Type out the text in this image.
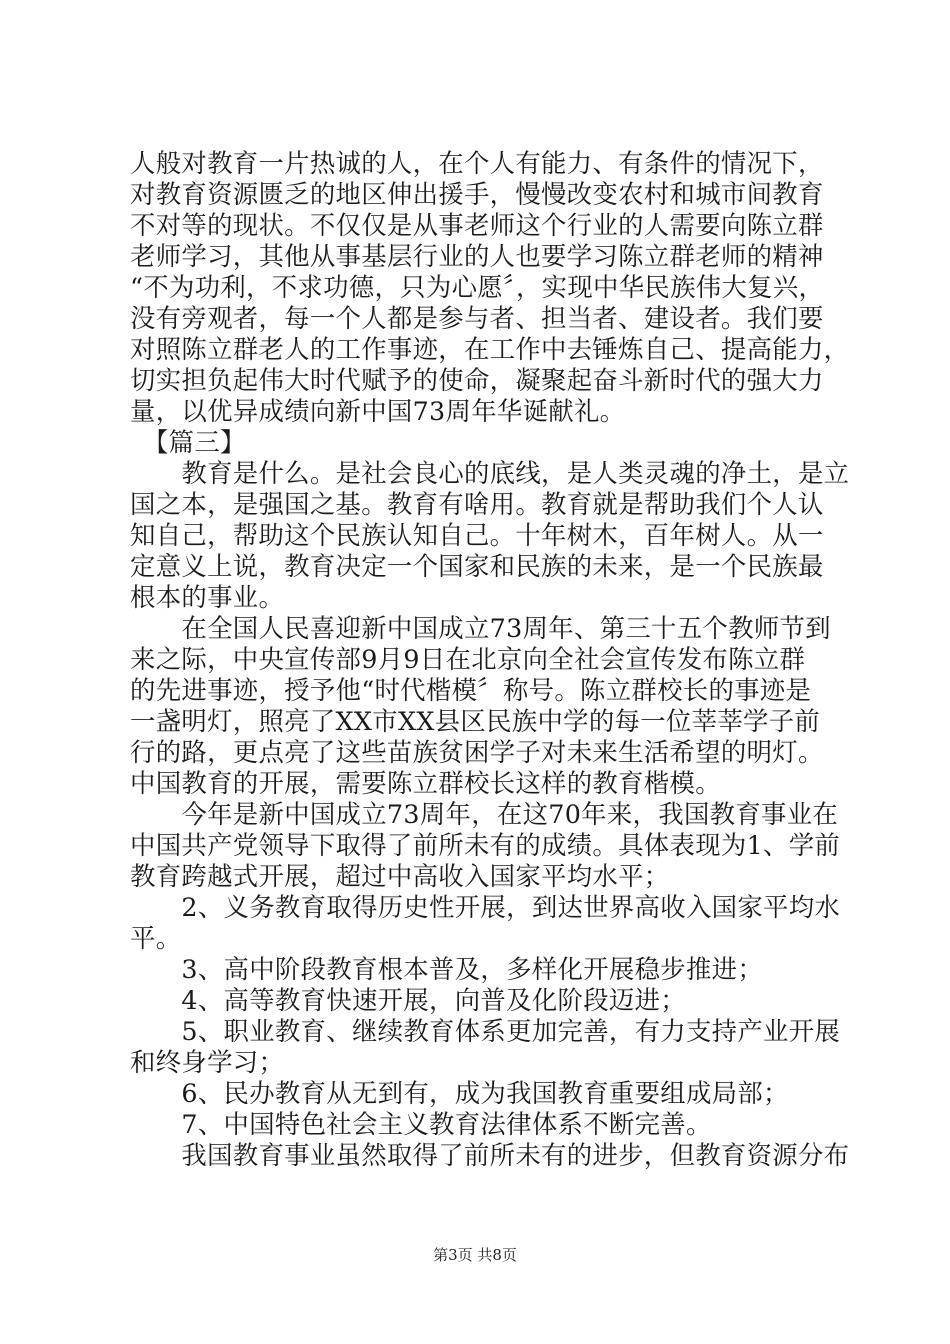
人般对教育一片热诚的人，在个人有能力、有条件的情况下，
对教育资源匮乏的地区伸出援手，慢慢改变农村和城市间教育
不对等的现状。不仅仅是从事老师这个行业的人需要向陈立群
老师学习，其他从事基层行业的人也要学习陈立群老师的精神
“不为功利，不求功德，只为心愿〞，实现中华民族伟大复兴，
没有旁观者，每一个人都是参与者、担当者、建设者。我们要
对照陈立群老人的工作事迹，在工作中去锤炼自己、提高能力，
切实担负起伟大时代赋予的使命，凝聚起奋斗新时代的强大力
量，以优异成绩向新中国73周年华诞献礼。
　【篇三】
　　教育是什么。是社会良心的底线，是人类灵魂的净土，是立
国之本，是强国之基。教育有啥用。教育就是帮助我们个人认
知自己，帮助这个民族认知自己。十年树木，百年树人。从一
定意义上说，教育决定一个国家和民族的未来，是一个民族最
根本的事业。
　　在全国人民喜迎新中国成立73周年、第三十五个教师节到
来之际，中央宣传部9月9日在北京向全社会宣传发布陈立群
的先进事迹，授予他“时代楷模〞称号。陈立群校长的事迹是
一盏明灯，照亮了XX市XX县区民族中学的每一位莘莘学子前
行的路，更点亮了这些苗族贫困学子对未来生活希望的明灯。
中国教育的开展，需要陈立群校长这样的教育楷模。
　　今年是新中国成立73周年，在这70年来，我国教育事业在
中国共产党领导下取得了前所未有的成绩。具体表现为1、学前
教育跨越式开展，超过中高收入国家平均水平；
　　2、义务教育取得历史性开展，到达世界高收入国家平均水
平。
　　3、高中阶段教育根本普及，多样化开展稳步推进；
　　4、高等教育快速开展，向普及化阶段迈进；
　　5、职业教育、继续教育体系更加完善，有力支持产业开展
和终身学习；
　　6、民办教育从无到有，成为我国教育重要组成局部；
　　7、中国特色社会主义教育法律体系不断完善。
　　我国教育事业虽然取得了前所未有的进步，但教育资源分布
第3页 共8页
